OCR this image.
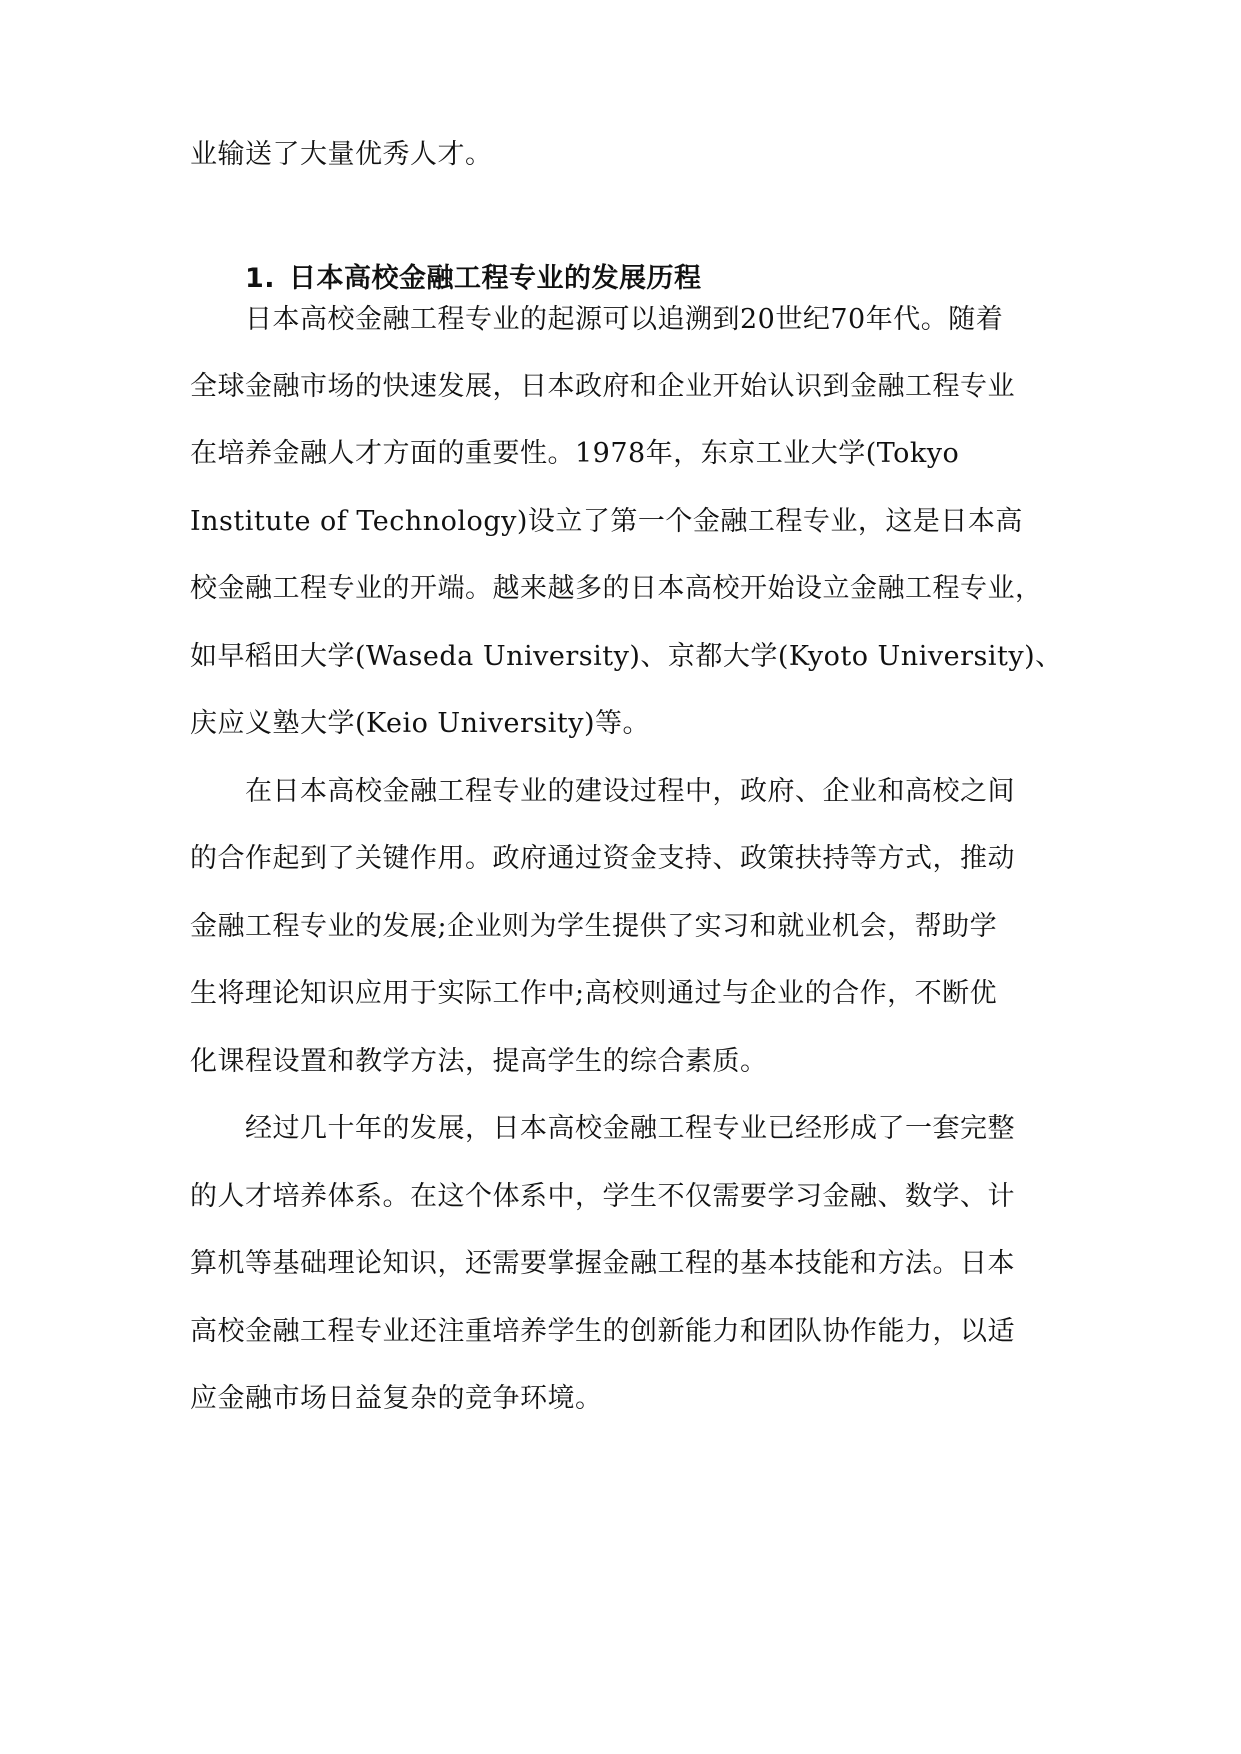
业输送了大量优秀人才。
1. 日本高校金融工程专业的发展历程
日本高校金融工程专业的起源可以追溯到20世纪70年代。随着
全球金融市场的快速发展，日本政府和企业开始认识到金融工程专业
在培养金融人才方面的重要性。1978年，东京工业大学(Tokyo
Institute of Technology)设立了第一个金融工程专业，这是日本高
校金融工程专业的开端。越来越多的日本高校开始设立金融工程专业，
如早稻田大学(Waseda University)、京都大学(Kyoto University)、
庆应义塾大学(Keio University)等。
在日本高校金融工程专业的建设过程中，政府、企业和高校之间
的合作起到了关键作用。政府通过资金支持、政策扶持等方式，推动
金融工程专业的发展;企业则为学生提供了实习和就业机会，帮助学
生将理论知识应用于实际工作中;高校则通过与企业的合作，不断优
化课程设置和教学方法，提高学生的综合素质。
经过几十年的发展，日本高校金融工程专业已经形成了一套完整
的人才培养体系。在这个体系中，学生不仅需要学习金融、数学、计
算机等基础理论知识，还需要掌握金融工程的基本技能和方法。日本
高校金融工程专业还注重培养学生的创新能力和团队协作能力，以适
应金融市场日益复杂的竞争环境。
